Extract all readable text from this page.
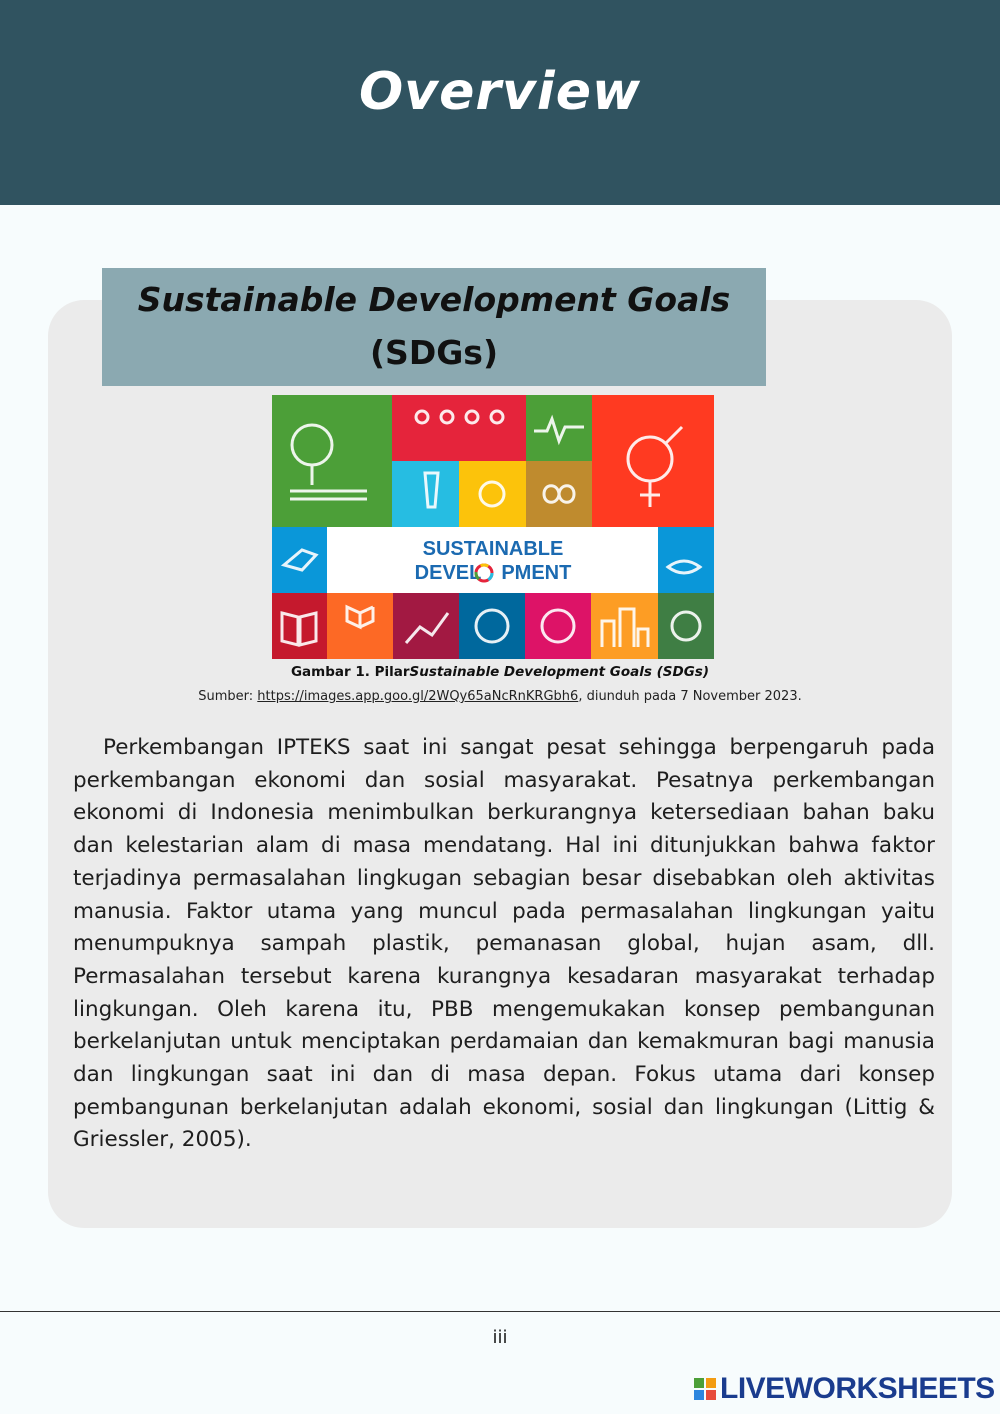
Overview
Sustainable Development Goals
(SDGs)
SUSTAINABLE
DEVEL PMENT
Gambar 1. PilarSustainable Development Goals (SDGs)
Sumber: https://images.app.goo.gl/2WQy65aNcRnKRGbh6, diunduh pada 7 November 2023.

Perkembangan IPTEKS saat ini sangat pesat sehingga berpengaruh pada perkembangan ekonomi dan sosial masyarakat. Pesatnya perkembangan ekonomi di Indonesia menimbulkan berkurangnya ketersediaan bahan baku dan kelestarian alam di masa mendatang. Hal ini ditunjukkan bahwa faktor terjadinya permasalahan lingkugan sebagian besar disebabkan oleh aktivitas manusia. Faktor utama yang muncul pada permasalahan lingkungan yaitu menumpuknya sampah plastik, pemanasan global, hujan asam, dll. Permasalahan tersebut karena kurangnya kesadaran masyarakat terhadap lingkungan. Oleh karena itu, PBB mengemukakan konsep pembangunan berkelanjutan untuk menciptakan perdamaian dan kemakmuran bagi manusia dan lingkungan saat ini dan di masa depan. Fokus utama dari konsep pembangunan berkelanjutan adalah ekonomi, sosial dan lingkungan (Littig & Griessler, 2005).

iii
LIVEWORKSHEETS
